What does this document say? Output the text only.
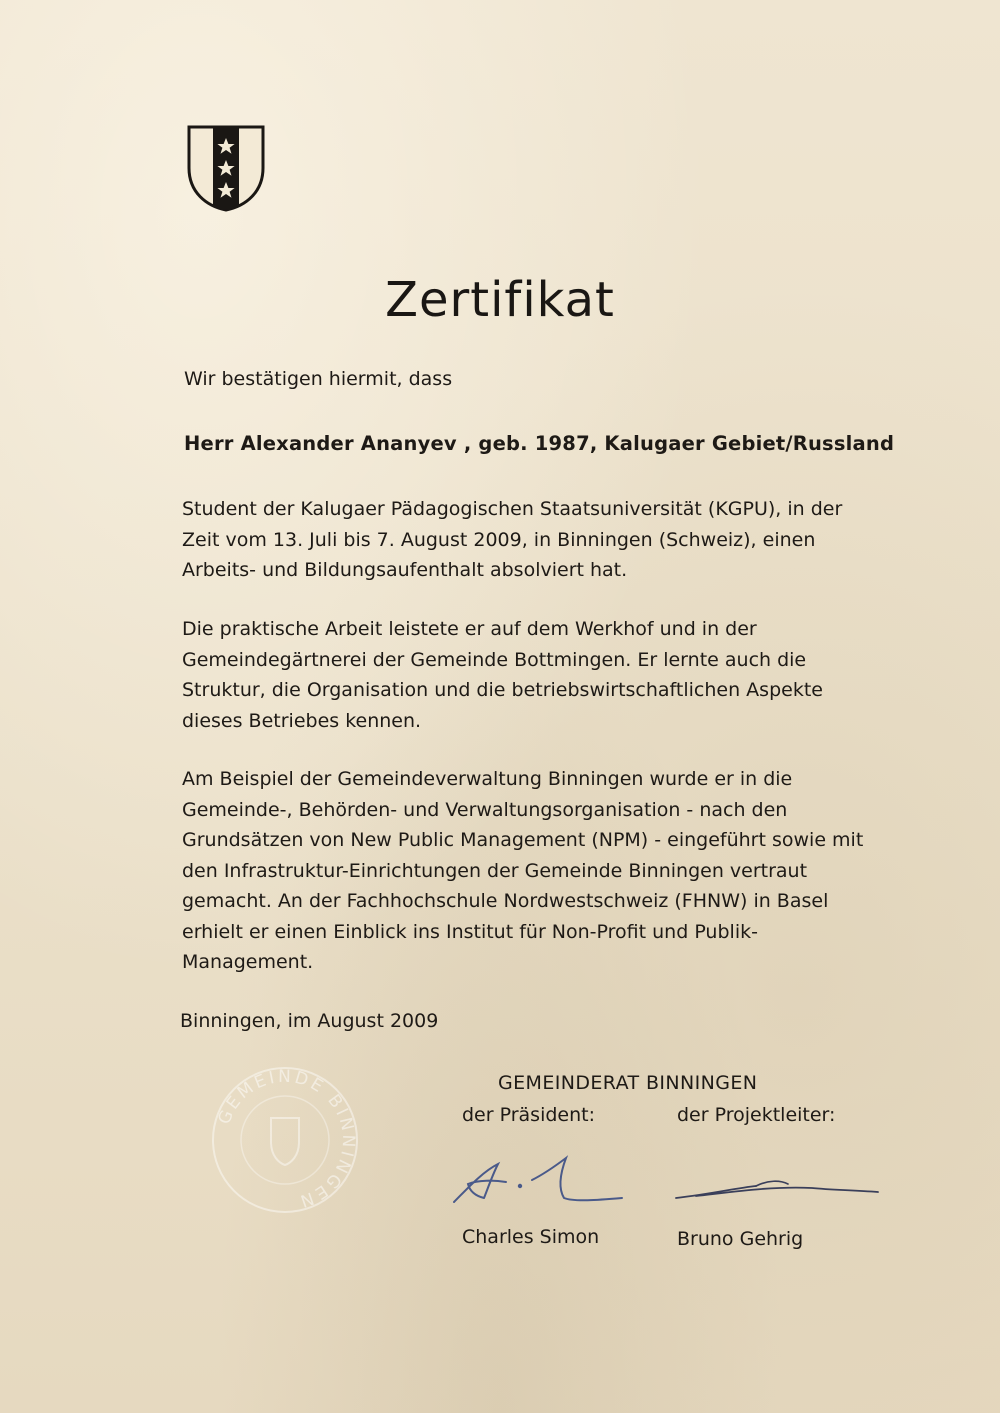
Zertifikat
Wir bestätigen hiermit, dass
Herr Alexander Ananyev , geb. 1987, Kalugaer Gebiet/Russland

Student der Kalugaer Pädagogischen Staatsuniversität (KGPU), in der Zeit vom 13. Juli bis 7. August 2009, in Binningen (Schweiz), einen Arbeits- und Bildungsaufenthalt absolviert hat.

Die praktische Arbeit leistete er auf dem Werkhof und in der Gemeindegärtnerei der Gemeinde Bottmingen. Er lernte auch die Struktur, die Organisation und die betriebswirtschaftlichen Aspekte dieses Betriebes kennen.

Am Beispiel der Gemeindeverwaltung Binningen wurde er in die Gemeinde-, Behörden- und Verwaltungsorganisation - nach den Grundsätzen von New Public Management (NPM) - eingeführt sowie mit den Infrastruktur-Einrichtungen der Gemeinde Binningen vertraut gemacht. An der Fachhochschule Nordwestschweiz (FHNW) in Basel erhielt er einen Einblick ins Institut für Non-Profit und Publik-Management.

Binningen, im August 2009
GEMEINDE BINNINGEN
GEMEINDERAT BINNINGEN
der Präsident:	der Projektleiter:
Charles Simon	Bruno Gehrig
